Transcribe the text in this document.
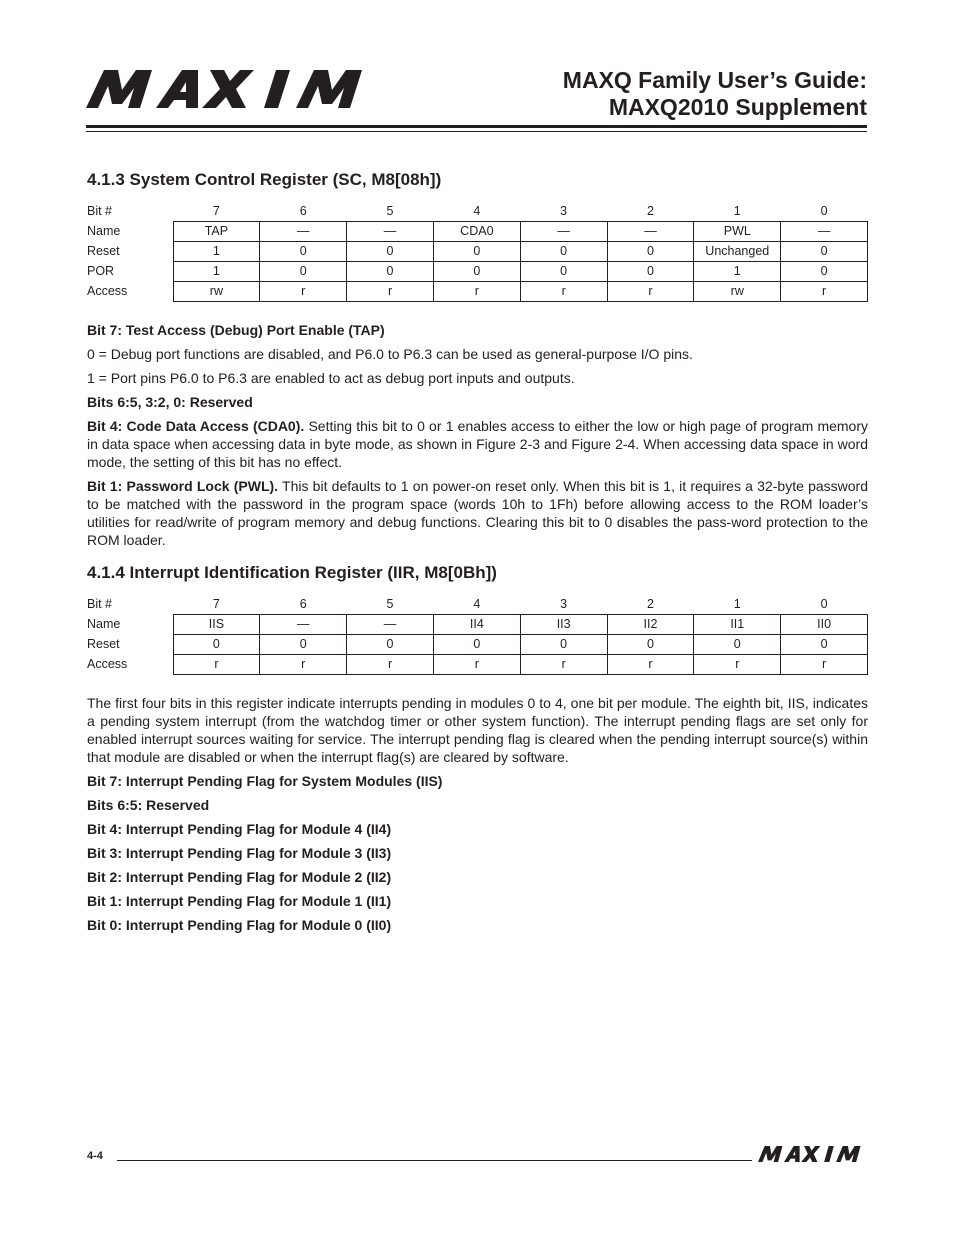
MAXQ Family User’s Guide:
MAXQ2010 Supplement
4.1.3 System Control Register (SC, M8[08h])
Bit #	7	6	5	4	3	2	1	0
Name	TAP	—	—	CDA0	—	—	PWL	—
Reset	1	0	0	0	0	0	Unchanged	0
POR	1	0	0	0	0	0	1	0
Access	rw	r	r	r	r	r	rw	r

Bit 7: Test Access (Debug) Port Enable (TAP)

0 = Debug port functions are disabled, and P6.0 to P6.3 can be used as general-purpose I/O pins.

1 = Port pins P6.0 to P6.3 are enabled to act as debug port inputs and outputs.

Bits 6:5, 3:2, 0: Reserved

Bit 4: Code Data Access (CDA0). Setting this bit to 0 or 1 enables access to either the low or high page of program memory in data space when accessing data in byte mode, as shown in Figure 2-3 and Figure 2-4. When accessing data space in word mode, the setting of this bit has no effect.

Bit 1: Password Lock (PWL). This bit defaults to 1 on power-on reset only. When this bit is 1, it requires a 32-byte password to be matched with the password in the program space (words 10h to 1Fh) before allowing access to the ROM loader’s utilities for read/write of program memory and debug functions. Clearing this bit to 0 disables the pass-word protection to the ROM loader.

4.1.4 Interrupt Identification Register (IIR, M8[0Bh])
Bit #	7	6	5	4	3	2	1	0
Name	IIS	—	—	II4	II3	II2	II1	II0
Reset	0	0	0	0	0	0	0	0
Access	r	r	r	r	r	r	r	r

The first four bits in this register indicate interrupts pending in modules 0 to 4, one bit per module. The eighth bit, IIS, indicates a pending system interrupt (from the watchdog timer or other system function). The interrupt pending flags are set only for enabled interrupt sources waiting for service. The interrupt pending flag is cleared when the pending interrupt source(s) within that module are disabled or when the interrupt flag(s) are cleared by software.

Bit 7: Interrupt Pending Flag for System Modules (IIS)

Bits 6:5: Reserved

Bit 4: Interrupt Pending Flag for Module 4 (II4)

Bit 3: Interrupt Pending Flag for Module 3 (II3)

Bit 2: Interrupt Pending Flag for Module 2 (II2)

Bit 1: Interrupt Pending Flag for Module 1 (II1)

Bit 0: Interrupt Pending Flag for Module 0 (II0)

4-4
